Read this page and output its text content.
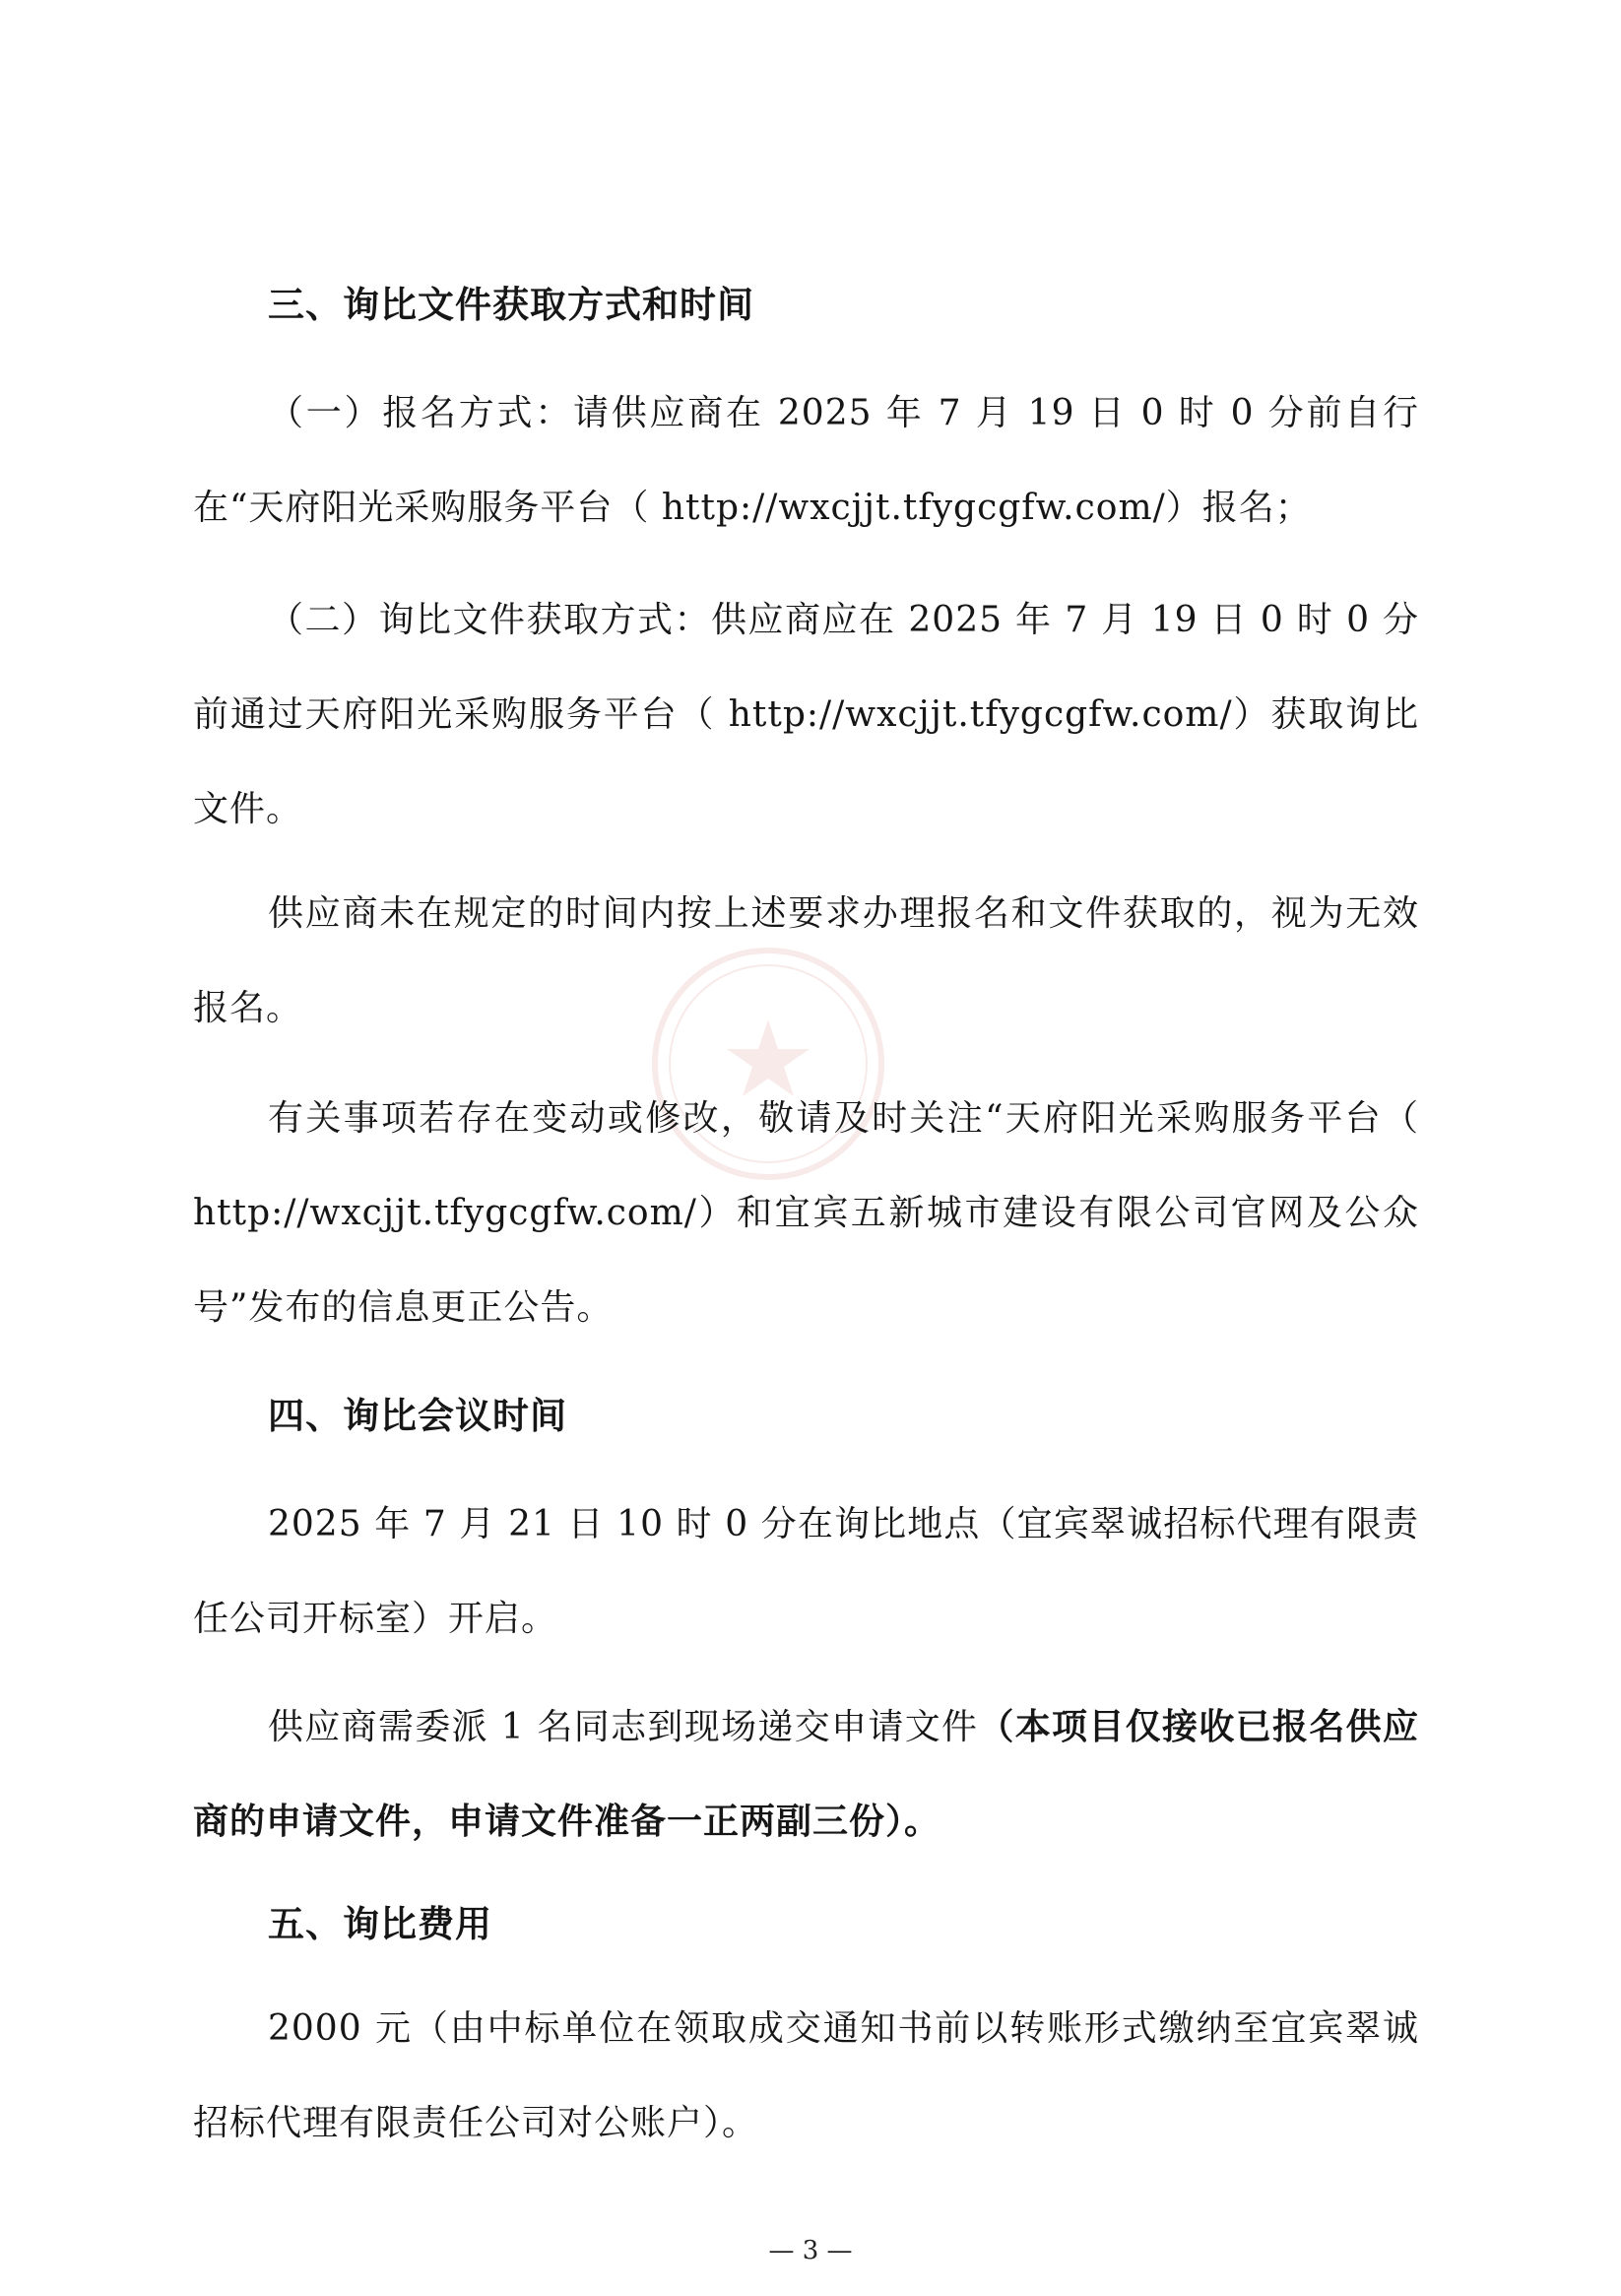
三、询比文件获取方式和时间

（一）报名方式：请供应商在 2025 年 7 月 19 日 0 时 0 分前自行在“天府阳光采购服务平台（ http://wxcjjt.tfygcgfw.com/）报名；

（二）询比文件获取方式：供应商应在 2025 年 7 月 19 日 0 时 0 分前通过天府阳光采购服务平台（ http://wxcjjt.tfygcgfw.com/）获取询比文件。

供应商未在规定的时间内按上述要求办理报名和文件获取的，视为无效报名。

有关事项若存在变动或修改，敬请及时关注“天府阳光采购服务平台（ http://wxcjjt.tfygcgfw.com/）和宜宾五新城市建设有限公司官网及公众号”发布的信息更正公告。

四、询比会议时间

2025 年 7 月 21 日 10 时 0 分在询比地点（宜宾翠诚招标代理有限责任公司开标室）开启。

供应商需委派 1 名同志到现场递交申请文件（本项目仅接收已报名供应商的申请文件，申请文件准备一正两副三份）。

五、询比费用

2000 元（由中标单位在领取成交通知书前以转账形式缴纳至宜宾翠诚招标代理有限责任公司对公账户）。

— 3 —
